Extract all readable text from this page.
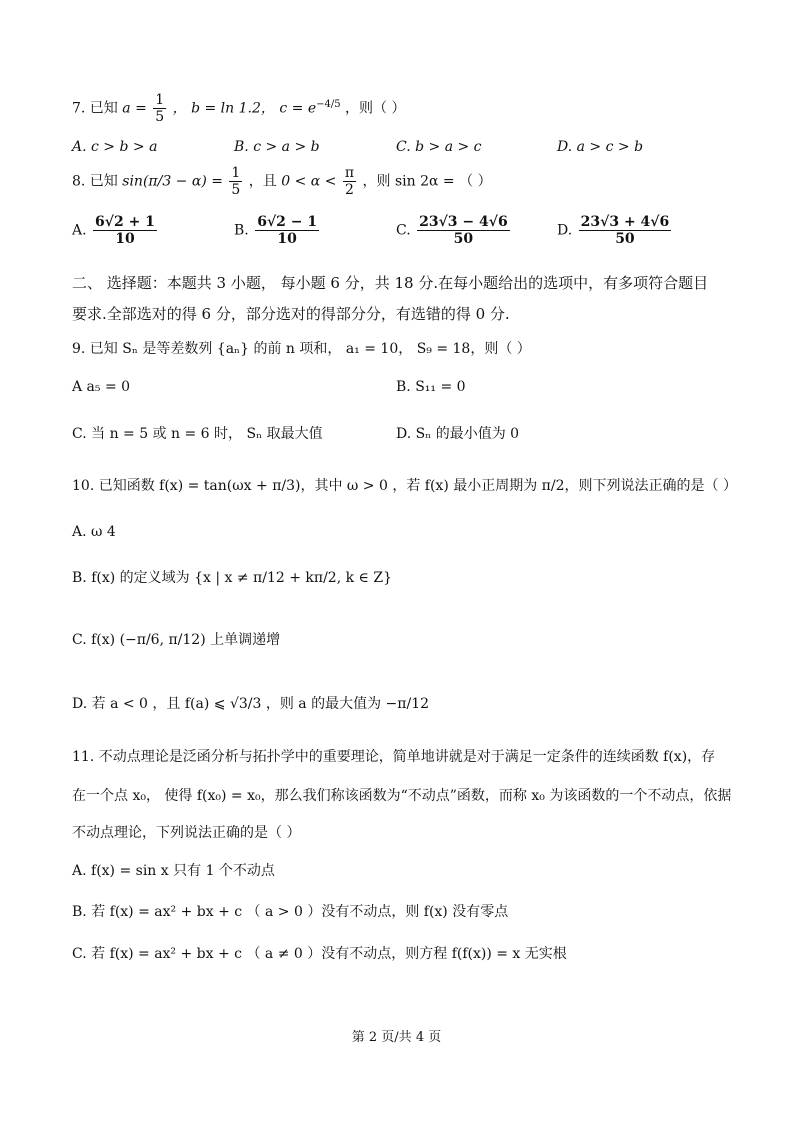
7. 已知 $a = \frac{1}{5}$ ， b = ln 1.2， $c = e^{-4/5}$ ，则（ ）
A. c > b > a	B. c > a > b	C. b > a > c	D. a > c > b
8. 已知 $\sin(\pi/3 - \alpha) = \frac{1}{5}$ ，且 $0 < \alpha < \frac{\pi}{2}$ ，则 sin 2α = （ ）
A. $\frac{6√2 + 1}{10}$	B. $\frac{6√2 - 1}{10}$	C. $\frac{23√3 - 4√6}{50}$	D. $\frac{23√3 + 4√6}{50}$
二、 选择题：本题共 3 小题， 每小题 6 分，共 18 分.在每小题给出的选项中，有多项符合题目
要求.全部选对的得 6 分，部分选对的得部分分，有选错的得 0 分.
9. 已知 Sₙ 是等差数列 {aₙ} 的前 n 项和， a₁ = 10， S₉ = 18，则（ ）
A a₅ = 0	B. S₁₁ = 0
C. 当 n = 5 或 n = 6 时， Sₙ 取最大值	D. Sₙ 的最小值为 0
10. 已知函数 f(x) = tan(ωx + π/3)，其中 ω > 0 ，若 f(x) 最小正周期为 π/2，则下列说法正确的是（ ）
A. ω 4
B. f(x) 的定义域为 {x | x ≠ π/12 + kπ/2, k ∈ Z}
C. f(x) (−π/6, π/12) 上单调递增
D. 若 a < 0 ，且 f(a) ⩽ √3/3 ，则 a 的最大值为 −π/12
11. 不动点理论是泛函分析与拓扑学中的重要理论，简单地讲就是对于满足一定条件的连续函数 f(x)，存
在一个点 x₀， 使得 f(x₀) = x₀，那么我们称该函数为“不动点”函数，而称 x₀ 为该函数的一个不动点，依据
不动点理论，下列说法正确的是（ ）
A. f(x) = sin x 只有 1 个不动点
B. 若 f(x) = ax² + bx + c （ a > 0 ）没有不动点，则 f(x) 没有零点
C. 若 f(x) = ax² + bx + c （ a ≠ 0 ）没有不动点，则方程 f(f(x)) = x 无实根
第 2 页/共 4 页
